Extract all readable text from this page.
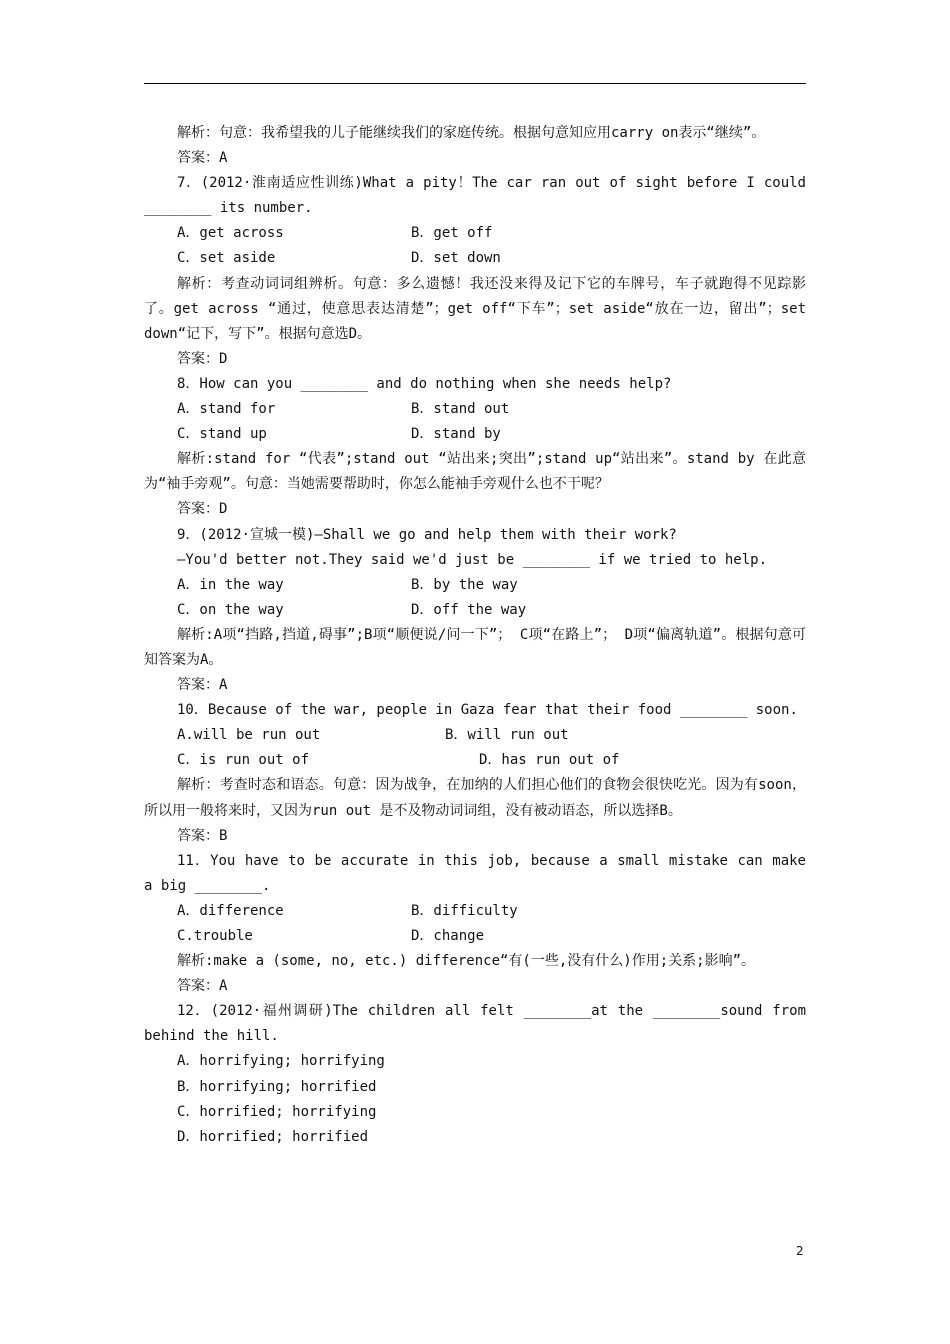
解析：句意：我希望我的儿子能继续我们的家庭传统。根据句意知应用carry on表示“继续”。
答案：A
7．(2012·淮南适应性训练)What a pity！The car ran out of sight before I could ________ its number.
A．get across	B．get off
C．set aside	D．set down
解析：考查动词词组辨析。句意：多么遗憾！我还没来得及记下它的车牌号，车子就跑得不见踪影了。get across “通过，使意思表达清楚”；get off“下车”；set aside“放在一边，留出”；set down“记下，写下”。根据句意选D。
答案：D
8．How can you ________ and do nothing when she needs help?
A．stand for	B．stand out
C．stand up	D．stand by
解析:stand for “代表”;stand out “站出来;突出”;stand up“站出来”。stand by 在此意为“袖手旁观”。句意：当她需要帮助时，你怎么能袖手旁观什么也不干呢？
答案：D
9．(2012·宣城一模)—Shall we go and help them with their work?
—You'd better not.They said we'd just be ________ if we tried to help.
A．in the way	B．by the way
C．on the way	D．off the way
解析:A项“挡路,挡道,碍事”;B项“顺便说/问一下”； C项“在路上”； D项“偏离轨道”。根据句意可知答案为A。
答案：A
10．Because of the war, people in Gaza fear that their food ________ soon.
A.will be run out	B．will run out
C．is run out of	D．has run out of
解析：考查时态和语态。句意：因为战争，在加纳的人们担心他们的食物会很快吃光。因为有soon，所以用一般将来时，又因为run out 是不及物动词词组，没有被动语态，所以选择B。
答案：B
11．You have to be accurate in this job, because a small mistake can make a big ________.
A．difference	B．difficulty
C.trouble	D．change
解析:make a (some, no, etc.) difference“有(一些,没有什么)作用;关系;影响”。
答案：A
12．(2012·福州调研)The children all felt ________at the ________sound from behind the hill.
A．horrifying; horrifying
B．horrifying; horrified
C．horrified; horrifying
D．horrified; horrified
2
